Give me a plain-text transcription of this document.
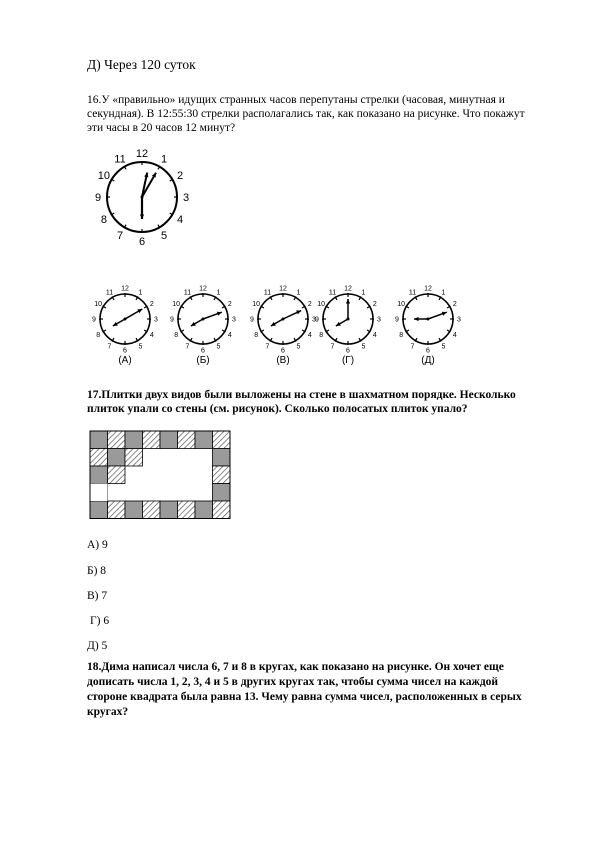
Д) Через 120 суток
16.У «правильно» идущих странных часов перепутаны стрелки (часовая, минутная и
секундная). В 12:55:30 стрелки располагались так, как показано на рисунке. Что покажут
эти часы в 20 часов 12 минут?
12 1
2
3
4
5
6
7
8
9
10
11
12
1
2
3
4
5
6
7
8
9
10
11
(А)
12
1
2
3
4
5
6
7
8
9
10
11
(Б)
12
1
2
3
4
5
6
7
8
9
10
11
(В)
12
1
2
3
4
5
6
7
8
9
10
11
(Г)
12
1
2
3
4
5
6
7
8
9
10
11
(Д)
17.Плитки двух видов были выложены на стене в шахматном порядке. Несколько
плиток упали со стены (см. рисунок). Сколько полосатых плиток упало?
А) 9
Б) 8
В) 7
Г) 6
Д) 5
18.Дима написал числа 6, 7 и 8 в кругах, как показано на рисунке. Он хочет еще
дописать числа 1, 2, 3, 4 и 5 в других кругах так, чтобы сумма чисел на каждой
стороне квадрата была равна 13. Чему равна сумма чисел, расположенных в серых
кругах?
